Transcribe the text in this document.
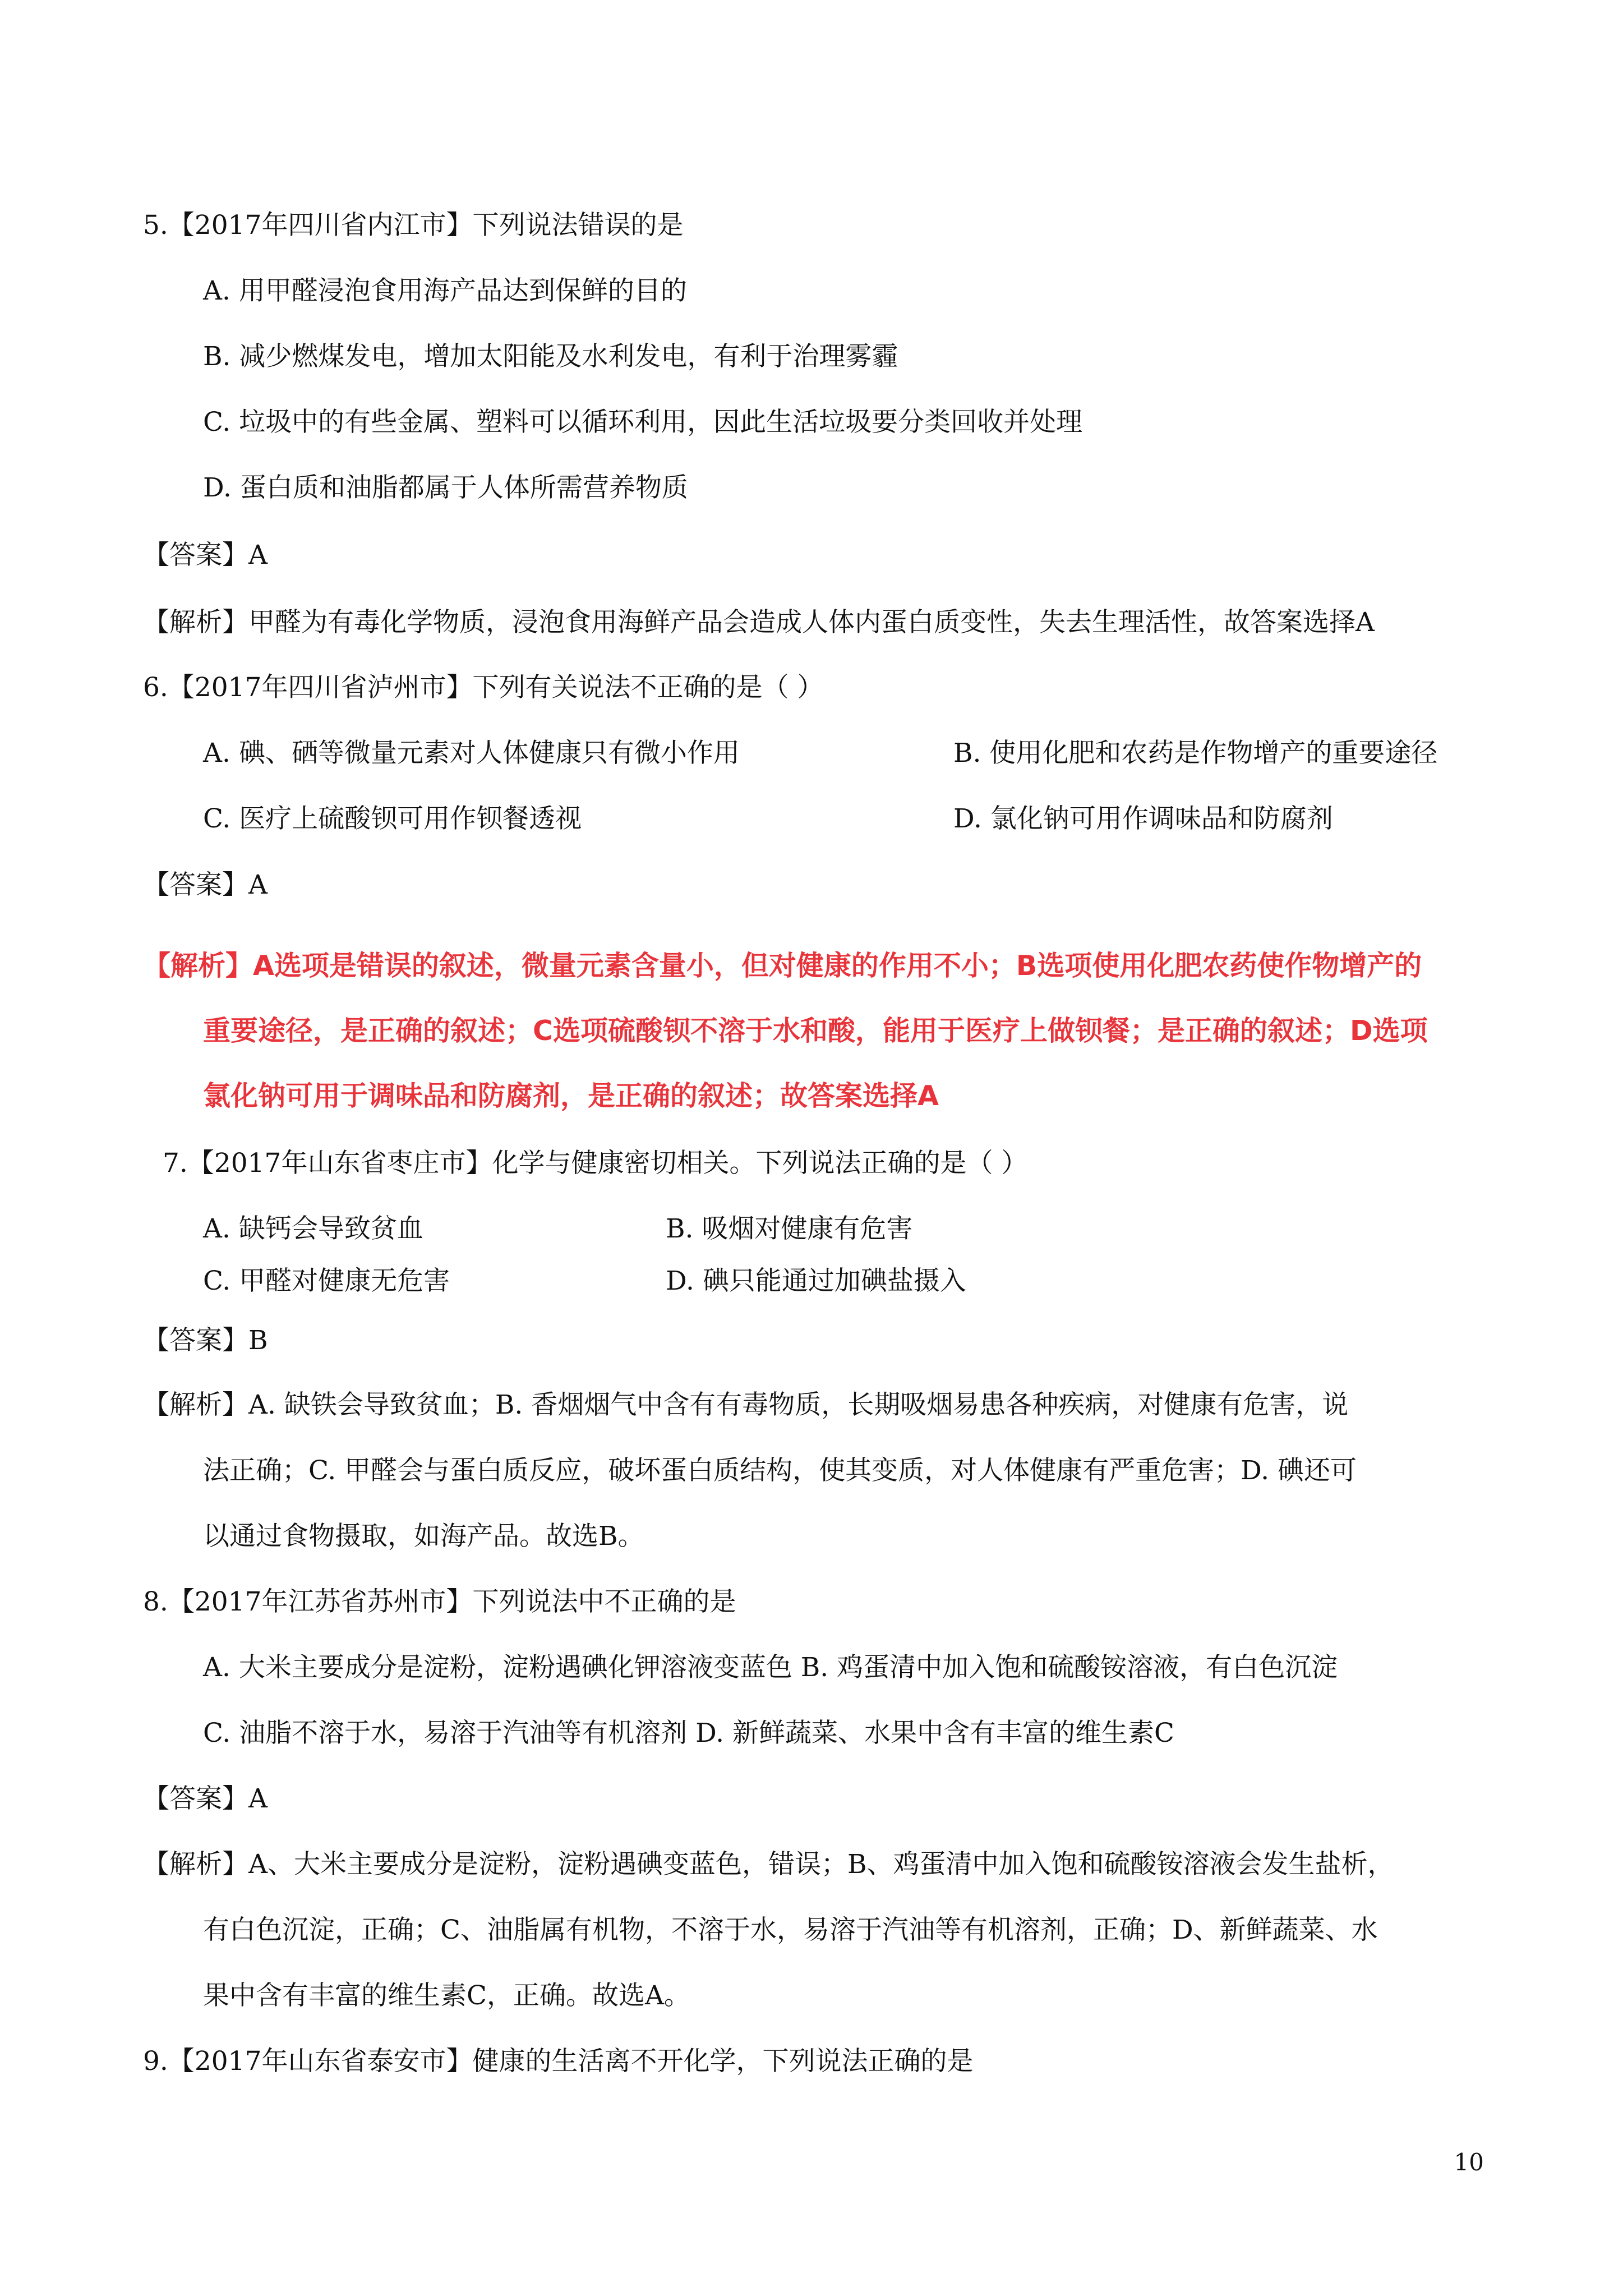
5.【2017年四川省内江市】下列说法错误的是
A. 用甲醛浸泡食用海产品达到保鲜的目的
B. 减少燃煤发电，增加太阳能及水利发电，有利于治理雾霾
C. 垃圾中的有些金属、塑料可以循环利用，因此生活垃圾要分类回收并处理
D. 蛋白质和油脂都属于人体所需营养物质
【答案】A
【解析】甲醛为有毒化学物质，浸泡食用海鲜产品会造成人体内蛋白质变性，失去生理活性，故答案选择A
6.【2017年四川省泸州市】下列有关说法不正确的是（ ）
A. 碘、硒等微量元素对人体健康只有微小作用	B. 使用化肥和农药是作物增产的重要途径
C. 医疗上硫酸钡可用作钡餐透视	D. 氯化钠可用作调味品和防腐剂
【答案】A
【解析】A选项是错误的叙述，微量元素含量小，但对健康的作用不小；B选项使用化肥农药使作物增产的
重要途径，是正确的叙述；C选项硫酸钡不溶于水和酸，能用于医疗上做钡餐；是正确的叙述；D选项
氯化钠可用于调味品和防腐剂，是正确的叙述；故答案选择A
7.【2017年山东省枣庄市】化学与健康密切相关。下列说法正确的是（ ）
A. 缺钙会导致贫血	B. 吸烟对健康有危害
C. 甲醛对健康无危害	D. 碘只能通过加碘盐摄入
【答案】B
【解析】A. 缺铁会导致贫血；B. 香烟烟气中含有有毒物质，长期吸烟易患各种疾病，对健康有危害，说
法正确；C. 甲醛会与蛋白质反应，破坏蛋白质结构，使其变质，对人体健康有严重危害；D. 碘还可
以通过食物摄取，如海产品。故选B。
8.【2017年江苏省苏州市】下列说法中不正确的是
A. 大米主要成分是淀粉，淀粉遇碘化钾溶液变蓝色 B. 鸡蛋清中加入饱和硫酸铵溶液，有白色沉淀
C. 油脂不溶于水，易溶于汽油等有机溶剂 D. 新鲜蔬菜、水果中含有丰富的维生素C
【答案】A
【解析】A、大米主要成分是淀粉，淀粉遇碘变蓝色，错误；B、鸡蛋清中加入饱和硫酸铵溶液会发生盐析，
有白色沉淀，正确；C、油脂属有机物，不溶于水，易溶于汽油等有机溶剂，正确；D、新鲜蔬菜、水
果中含有丰富的维生素C，正确。故选A。
9.【2017年山东省泰安市】健康的生活离不开化学，下列说法正确的是
10
